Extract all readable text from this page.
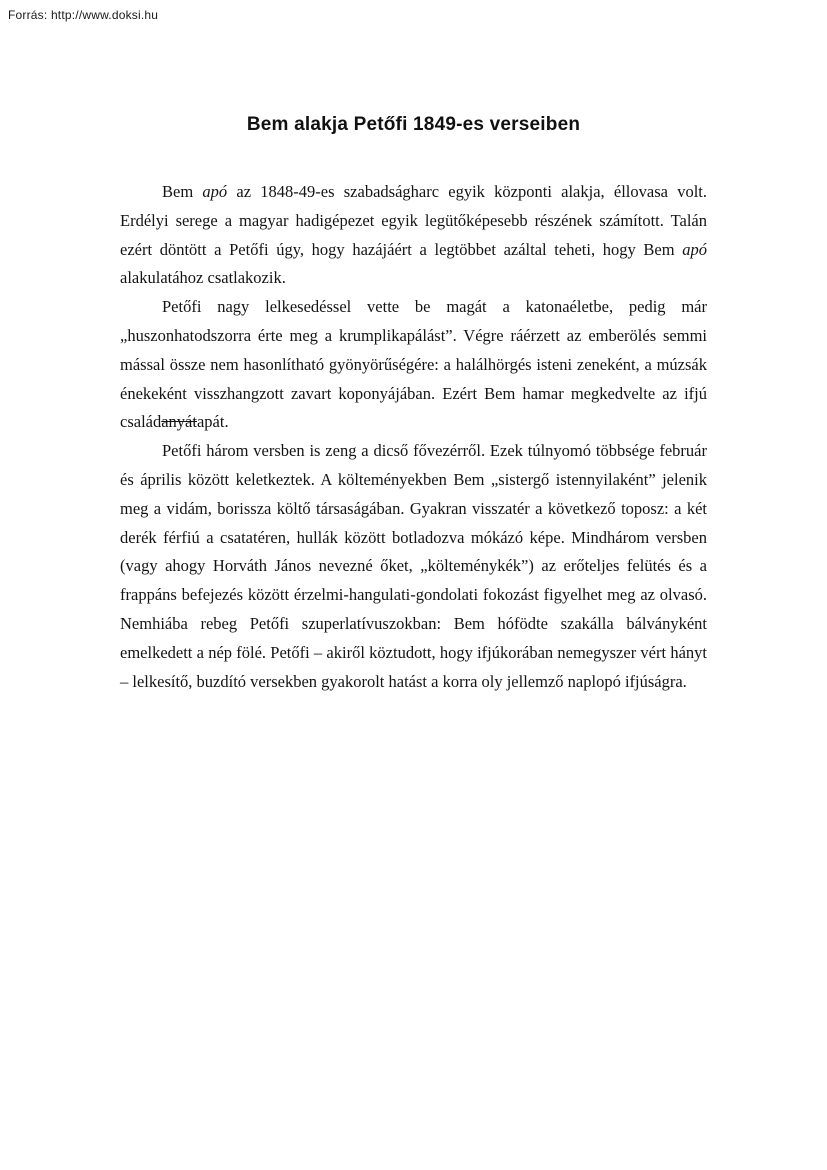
Forrás: http://www.doksi.hu
Bem alakja Petőfi 1849-es verseiben

Bem apó az 1848-49-es szabadságharc egyik központi alakja, éllovasa volt. Erdélyi serege a magyar hadigépezet egyik legütőképesebb részének számított. Talán ezért döntött a Petőfi úgy, hogy hazájáért a legtöbbet azáltal teheti, hogy Bem apó alakulatához csatlakozik.

Petőfi nagy lelkesedéssel vette be magát a katonaéletbe, pedig már „huszonhatodszorra érte meg a krumplikapálást”. Végre ráérzett az emberölés semmi mással össze nem hasonlítható gyönyörűségére: a halálhörgés isteni zeneként, a múzsák énekeként visszhangzott zavart koponyájában. Ezért Bem hamar megkedvelte az ifjú családanyátapát.

Petőfi három versben is zeng a dicső fővezérről. Ezek túlnyomó többsége február és április között keletkeztek. A költeményekben Bem „sistergő istennyilaként” jelenik meg a vidám, borissza költő társaságában. Gyakran visszatér a következő toposz: a két derék férfiú a csatatéren, hullák között botladozva mókázó képe. Mindhárom versben (vagy ahogy Horváth János nevezné őket, „költeménykék”) az erőteljes felütés és a frappáns befejezés között érzelmi-hangulati-gondolati fokozást figyelhet meg az olvasó. Nemhiába rebeg Petőfi szuperlatívuszokban: Bem hófödte szakálla bálványként emelkedett a nép fölé. Petőfi – akiről köztudott, hogy ifjúkorában nemegyszer vért hányt – lelkesítő, buzdító versekben gyakorolt hatást a korra oly jellemző naplopó ifjúságra.
